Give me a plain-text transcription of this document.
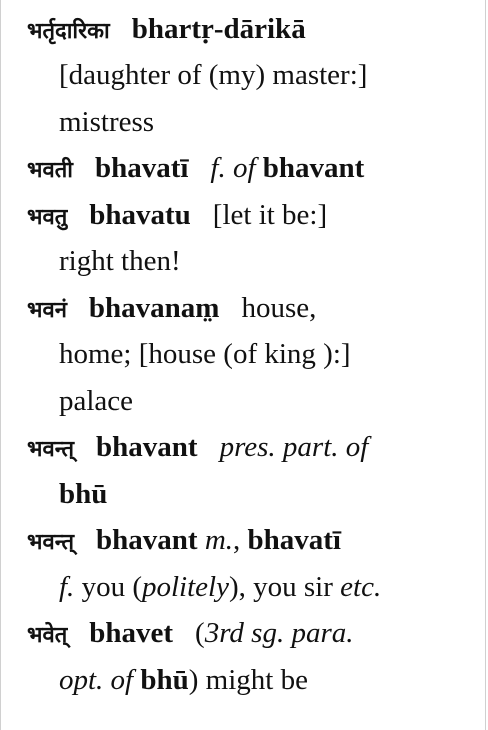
भर्तृदारिका bhartṛ-dārikā
[daughter of (my) master:]
mistress
भवती bhavatī f. of bhavant
भवतु bhavatu [let it be:]
right then!
भवनं bhavanam̤ house,
home; [house (of king ):]
palace
भवन्त् bhavant pres. part. of
bhū
भवन्त् bhavant m., bhavatī
f. you (politely), you sir etc.
भवेत् bhavet (3rd sg. para.
opt. of bhū) might be
